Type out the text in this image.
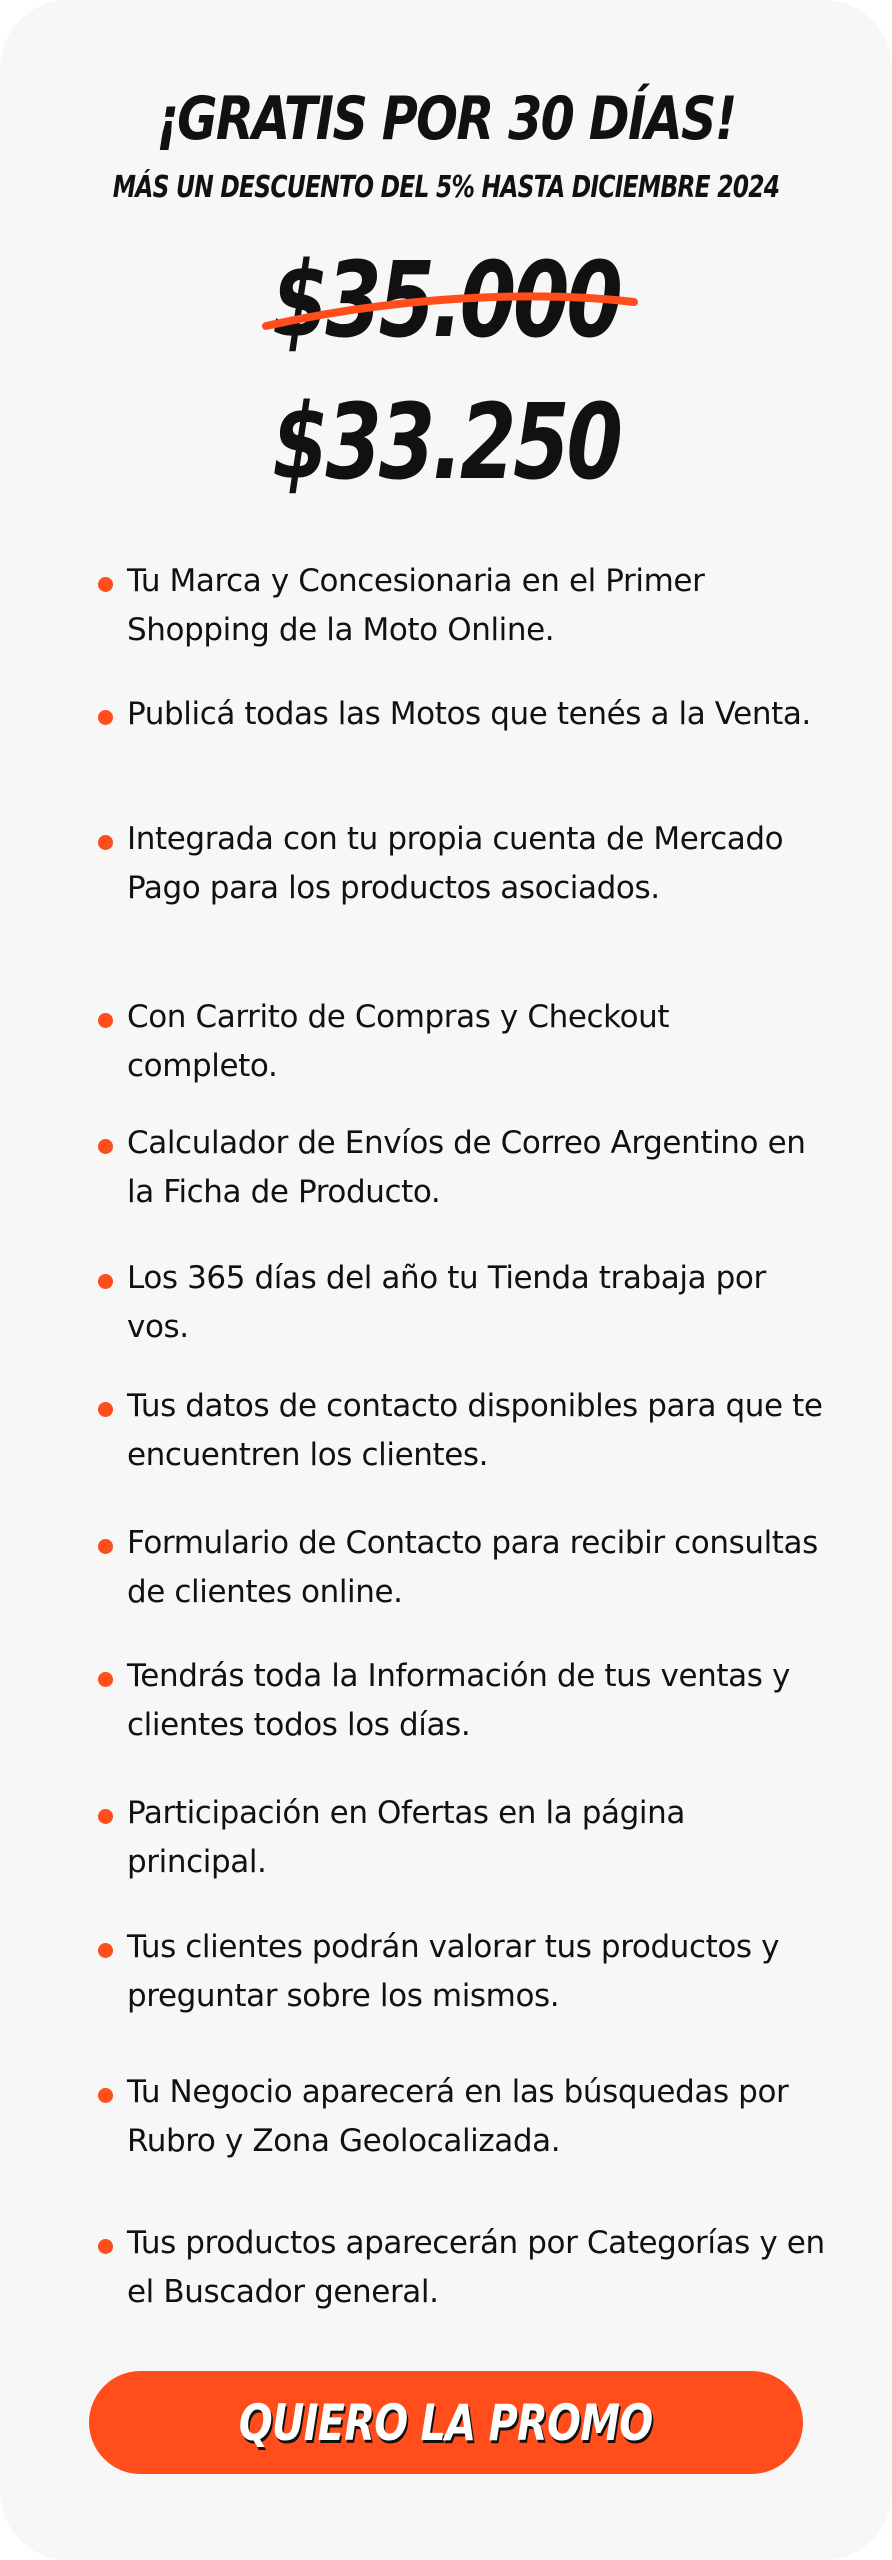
¡GRATIS POR 30 DÍAS!
MÁS UN DESCUENTO DEL 5% HASTA DICIEMBRE 2024
$35.000
$33.250
Tu Marca y Concesionaria en el Primer Shopping de la Moto Online.
Publicá todas las Motos que tenés a la Venta.
Integrada con tu propia cuenta de Mercado Pago para los productos asociados.
Con Carrito de Compras y Checkout completo.
Calculador de Envíos de Correo Argentino en la Ficha de Producto.
Los 365 días del año tu Tienda trabaja por vos.
Tus datos de contacto disponibles para que te encuentren los clientes.
Formulario de Contacto para recibir consultas de clientes online.
Tendrás toda la Información de tus ventas y clientes todos los días.
Participación en Ofertas en la página principal.
Tus clientes podrán valorar tus productos y preguntar sobre los mismos.
Tu Negocio aparecerá en las búsquedas por Rubro y Zona Geolocalizada.
Tus productos aparecerán por Categorías y en el Buscador general.
QUIERO LA PROMO
